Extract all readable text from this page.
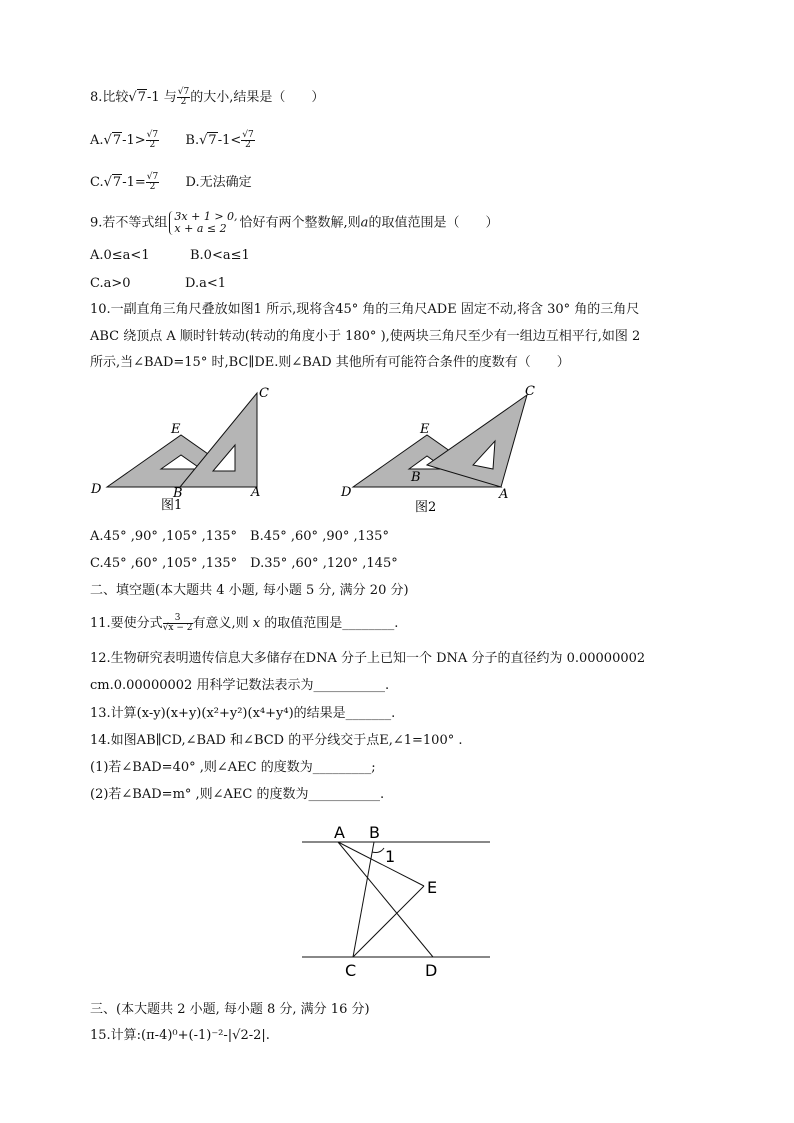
8.比较√7-1 与 $\frac{√7}{2}$ 的大小,结果是（　　）
$A.√7-1> \frac{√7}{2} B.√7-1< \frac{√7}{2}$
$C.√7-1= \frac{√7}{2} D$.无法确定
9.若不等式组 3x + 1 > 0,
x + a ≤ 2 恰好有两个整数解,则a的取值范围是（　　）
A.0≤a<1	B.0<a≤1
C.a>0	D.a<1
10.一副直角三角尺叠放如图1 所示,现将含45° 角的三角尺ADE 固定不动,将含 30° 角的三角尺
ABC 绕顶点 A 顺时针转动(转动的角度小于 180° ),使两块三角尺至少有一组边互相平行,如图 2
所示,当∠BAD=15° 时,BC∥DE.则∠BAD 其他所有可能符合条件的度数有（　　）
D
E
B	A
C
图1
D
E
B
A
C
图2
A.45° ,90° ,105° ,135°　B.45° ,60° ,90° ,135°
C.45° ,60° ,105° ,135°　D.35° ,60° ,120° ,145°
二、填空题(本大题共 4 小题, 每小题 5 分, 满分 20 分)
11.要使分式 $\frac{3}{√x - 2}$ 有意义,则 x 的取值范围是________.
12.生物研究表明遗传信息大多储存在DNA 分子上已知一个 DNA 分子的直径约为 0.00000002
cm.0.00000002 用科学记数法表示为___________.
13.计算(x-y)(x+y)(x²+y²)(x⁴+y⁴)的结果是_______.
14.如图AB∥CD,∠BAD 和∠BCD 的平分线交于点E,∠1=100° .
(1)若∠BAD=40° ,则∠AEC 的度数为_________;
(2)若∠BAD=m° ,则∠AEC 的度数为___________.
A B
1
E
C	D
三、(本大题共 2 小题, 每小题 8 分, 满分 16 分)
15.计算:(π-4)⁰+(-1)⁻²-|√2-2|.
